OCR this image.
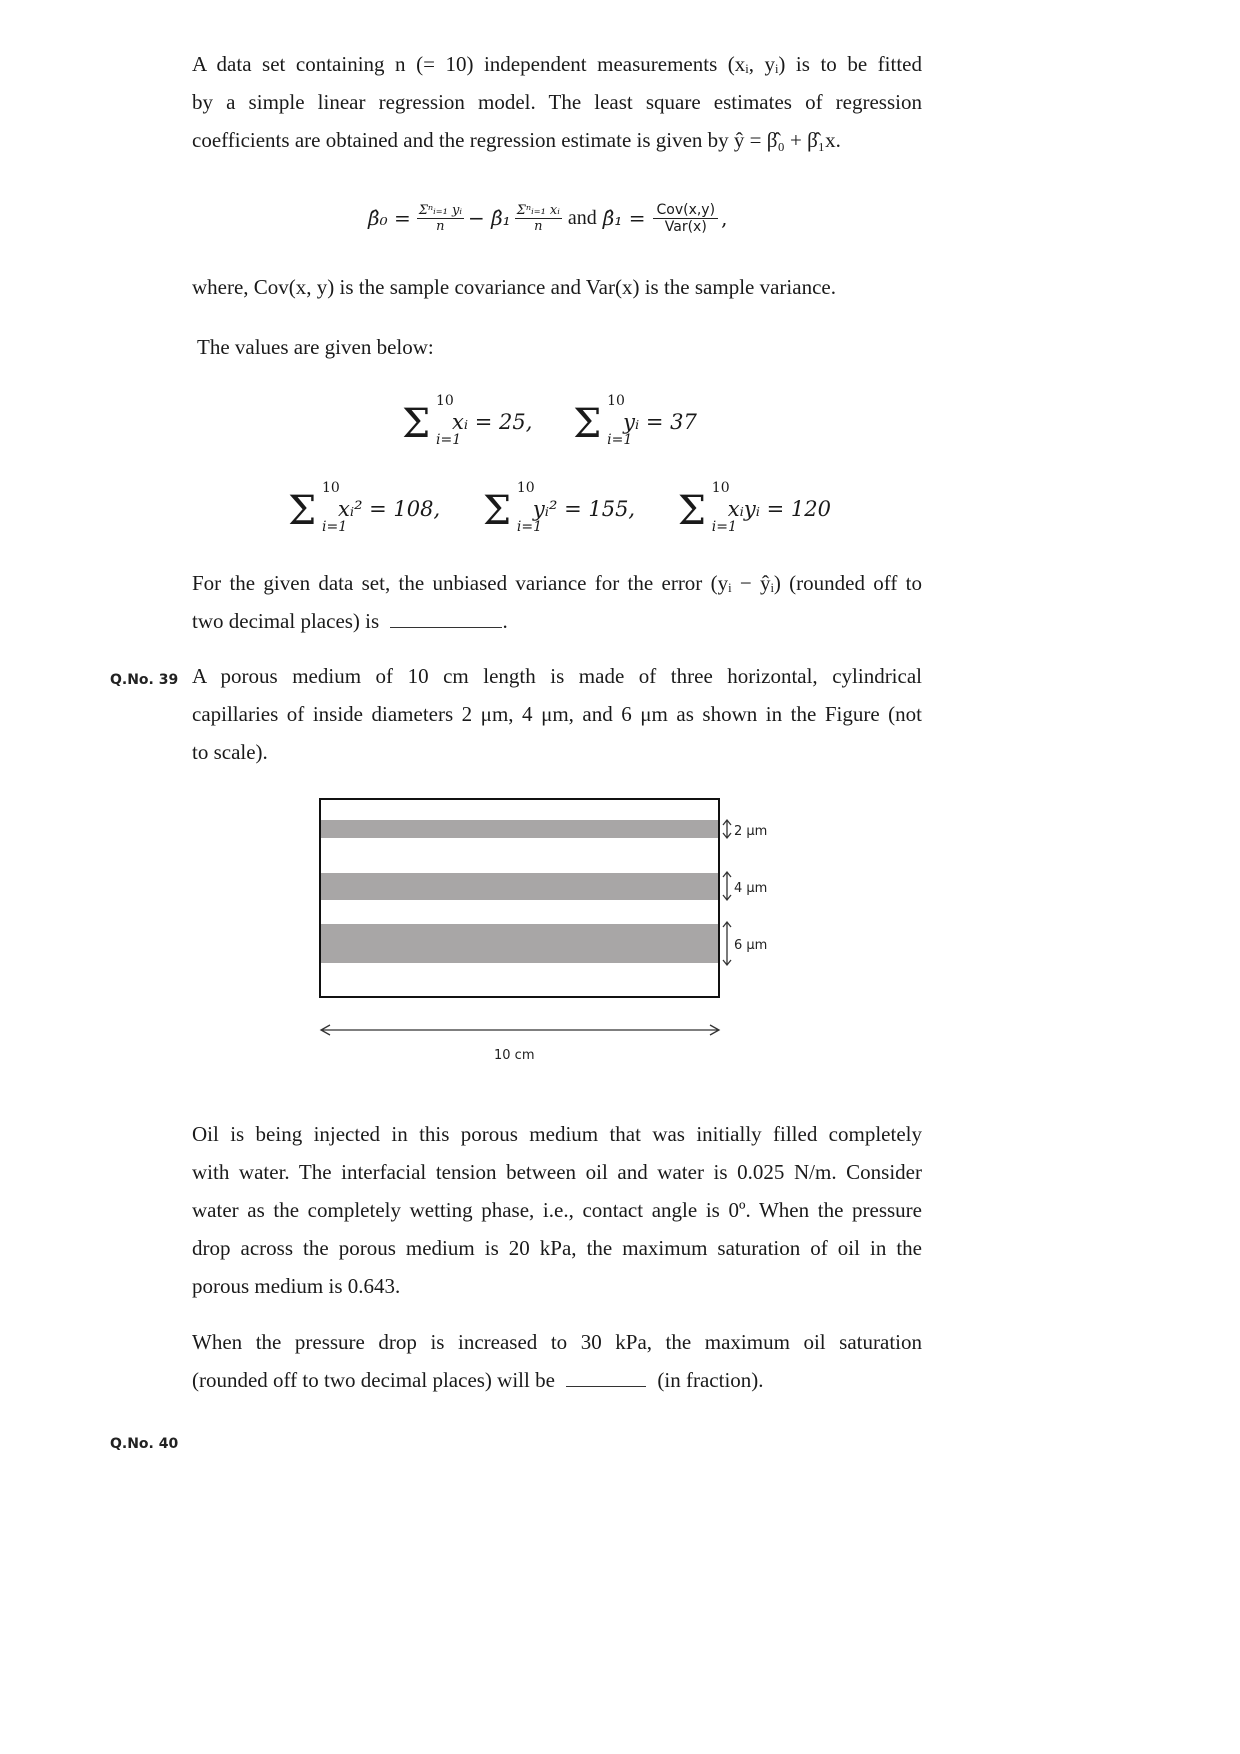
A data set containing n (= 10) independent measurements (xᵢ, yᵢ) is to be fitted
by a simple linear regression model. The least square estimates of regression
coefficients are obtained and the regression estimate is given by ŷ = β̂₀ + β̂₁x.
β̂₀ = Σⁿᵢ₌₁ yᵢ
n − β̂₁ Σⁿᵢ₌₁ xᵢ
n and β̂₁ = Cov(x,y)
Var(x) ,
where, Cov(x, y) is the sample covariance and Var(x) is the sample variance.
The values are given below:
Σ 10
i=1
xᵢ = 25, Σ 10
i=1
yᵢ = 37
Σ 10
i=1
xᵢ² = 108, Σ 10
i=1
yᵢ² = 155, Σ 10
i=1
xᵢyᵢ = 120
For the given data set, the unbiased variance for the error (yᵢ − ŷᵢ) (rounded off to
two decimal places) is	.
Q.No. 39 A porous medium of 10 cm length is made of three horizontal, cylindrical
capillaries of inside diameters 2 μm, 4 μm, and 6 μm as shown in the Figure (not
to scale).
2 μm
4 μm
6 μm
10 cm
Oil is being injected in this porous medium that was initially filled completely
with water. The interfacial tension between oil and water is 0.025 N/m. Consider
water as the completely wetting phase, i.e., contact angle is 0º. When the pressure
drop across the porous medium is 20 kPa, the maximum saturation of oil in the
porous medium is 0.643.
When the pressure drop is increased to 30 kPa, the maximum oil saturation
(rounded off to two decimal places) will be	(in fraction).
Q.No. 40
